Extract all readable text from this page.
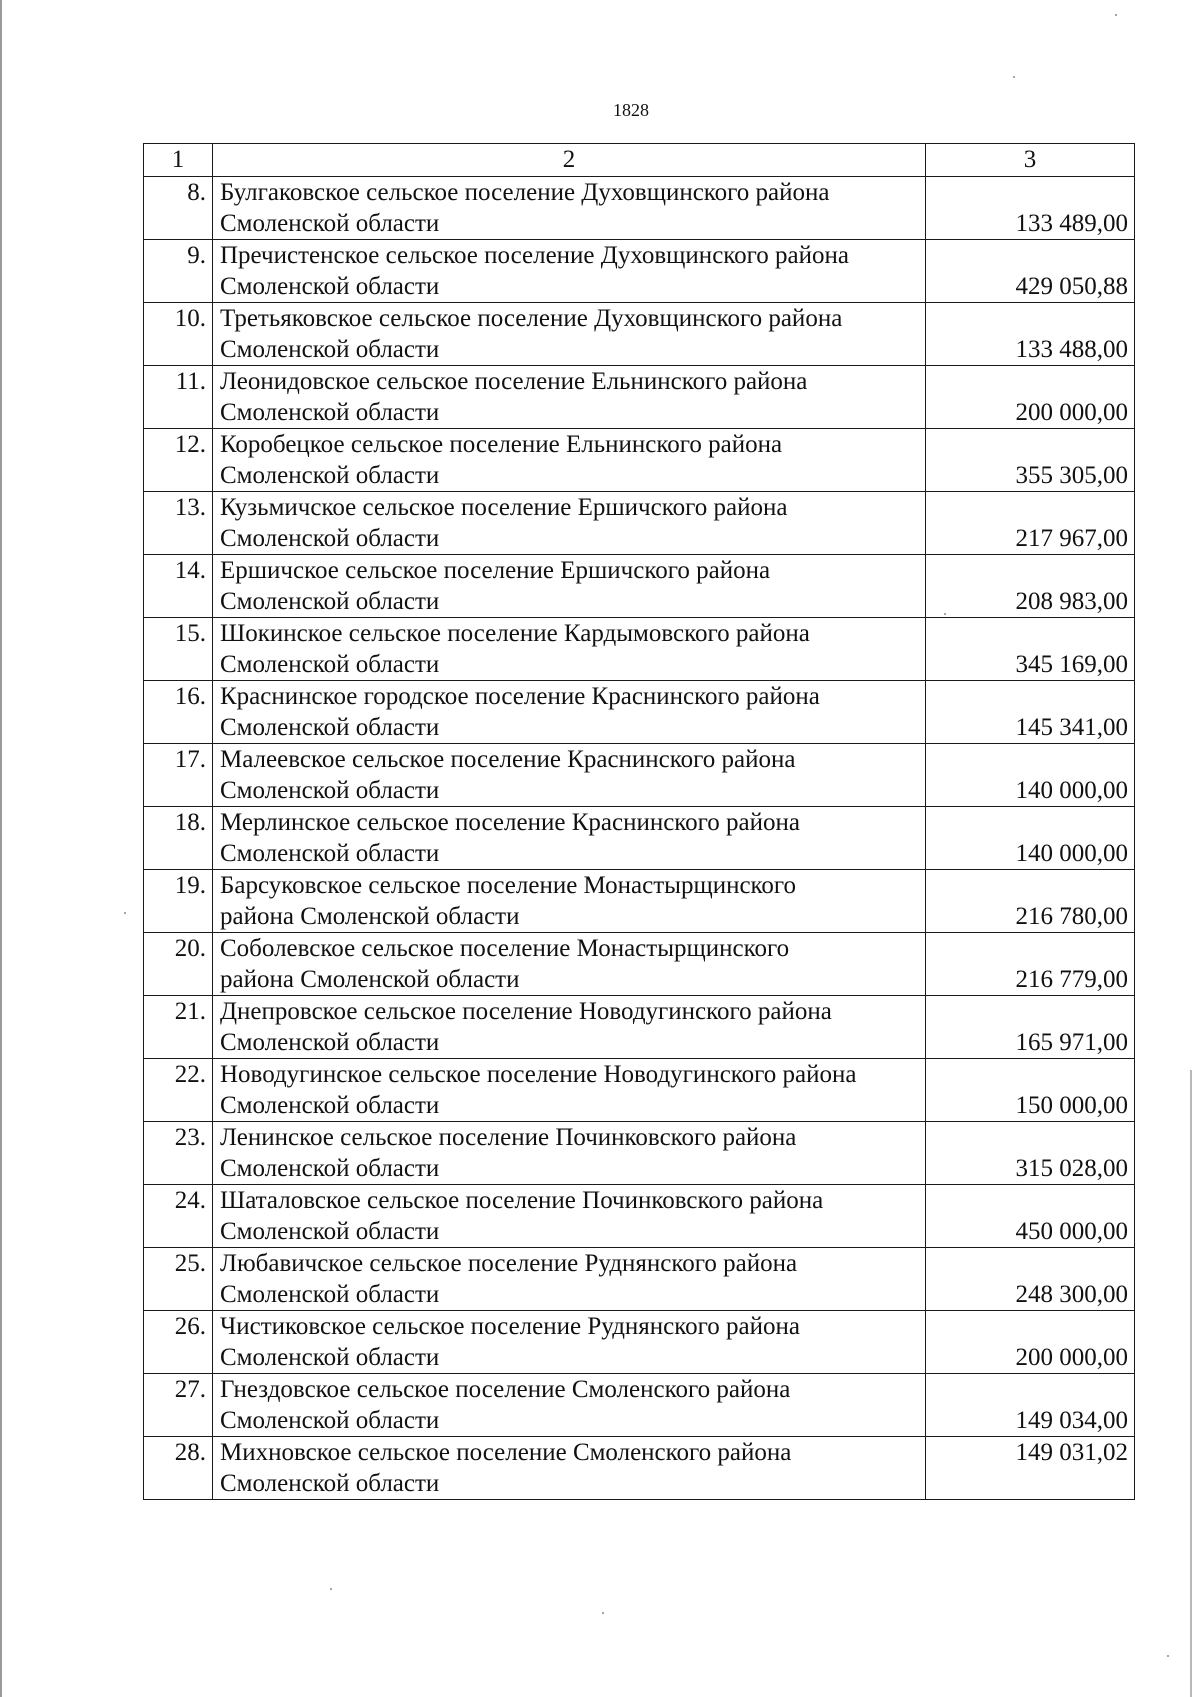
1828
1	2	3
8.	Булгаковское сельское поселение Духовщинского района
Смоленской области	133 489,00
9.	Пречистенское сельское поселение Духовщинского района
Смоленской области	429 050,88
10.	Третьяковское сельское поселение Духовщинского района
Смоленской области	133 488,00
11.	Леонидовское сельское поселение Ельнинского района
Смоленской области	200 000,00
12.	Коробецкое сельское поселение Ельнинского района
Смоленской области	355 305,00
13.	Кузьмичское сельское поселение Ершичского района
Смоленской области	217 967,00
14.	Ершичское сельское поселение Ершичского района
Смоленской области	208 983,00
15.	Шокинское сельское поселение Кардымовского района
Смоленской области	345 169,00
16.	Краснинское городское поселение Краснинского района
Смоленской области	145 341,00
17.	Малеевское сельское поселение Краснинского района
Смоленской области	140 000,00
18.	Мерлинское сельское поселение Краснинского района
Смоленской области	140 000,00
19.	Барсуковское сельское поселение Монастырщинского
района Смоленской области	216 780,00
20.	Соболевское сельское поселение Монастырщинского
района Смоленской области	216 779,00
21.	Днепровское сельское поселение Новодугинского района
Смоленской области	165 971,00
22.	Новодугинское сельское поселение Новодугинского района
Смоленской области	150 000,00
23.	Ленинское сельское поселение Починковского района
Смоленской области	315 028,00
24.	Шаталовское сельское поселение Починковского района
Смоленской области	450 000,00
25.	Любавичское сельское поселение Руднянского района
Смоленской области	248 300,00
26.	Чистиковское сельское поселение Руднянского района
Смоленской области	200 000,00
27.	Гнездовское сельское поселение Смоленского района
Смоленской области	149 034,00
28.	Михновское сельское поселение Смоленского района
Смоленской области	149 031,02
